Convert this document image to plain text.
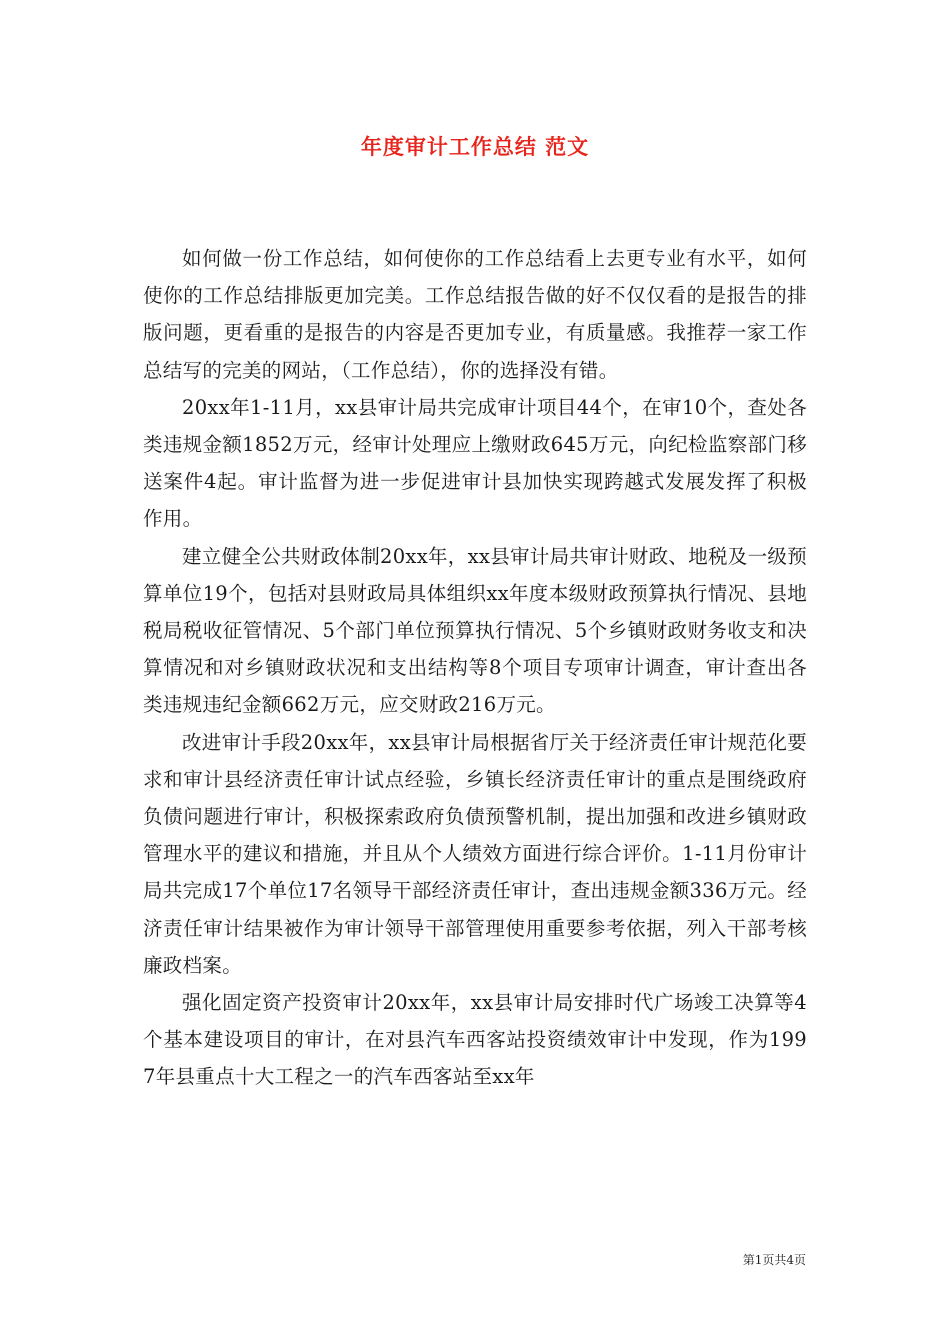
年度审计工作总结 范文

如何做一份工作总结，如何使你的工作总结看上去更专业有水平，如何使你的工作总结排版更加完美。工作总结报告做的好不仅仅看的是报告的排版问题，更看重的是报告的内容是否更加专业，有质量感。我推荐一家工作总结写的完美的网站，（工作总结），你的选择没有错。

20xx年1-11月，xx县审计局共完成审计项目44个，在审10个，查处各类违规金额1852万元，经审计处理应上缴财政645万元，向纪检监察部门移送案件4起。审计监督为进一步促进审计县加快实现跨越式发展发挥了积极作用。

建立健全公共财政体制20xx年，xx县审计局共审计财政、地税及一级预算单位19个，包括对县财政局具体组织xx年度本级财政预算执行情况、县地税局税收征管情况、5个部门单位预算执行情况、5个乡镇财政财务收支和决算情况和对乡镇财政状况和支出结构等8个项目专项审计调查，审计查出各类违规违纪金额662万元，应交财政216万元。

改进审计手段20xx年，xx县审计局根据省厅关于经济责任审计规范化要求和审计县经济责任审计试点经验，乡镇长经济责任审计的重点是围绕政府负债问题进行审计，积极探索政府负债预警机制，提出加强和改进乡镇财政管理水平的建议和措施，并且从个人绩效方面进行综合评价。1-11月份审计局共完成17个单位17名领导干部经济责任审计，查出违规金额336万元。经济责任审计结果被作为审计领导干部管理使用重要参考依据，列入干部考核廉政档案。

强化固定资产投资审计20xx年，xx县审计局安排时代广场竣工决算等4个基本建设项目的审计，在对县汽车西客站投资绩效审计中发现，作为1997年县重点十大工程之一的汽车西客站至xx年

第1页共4页
